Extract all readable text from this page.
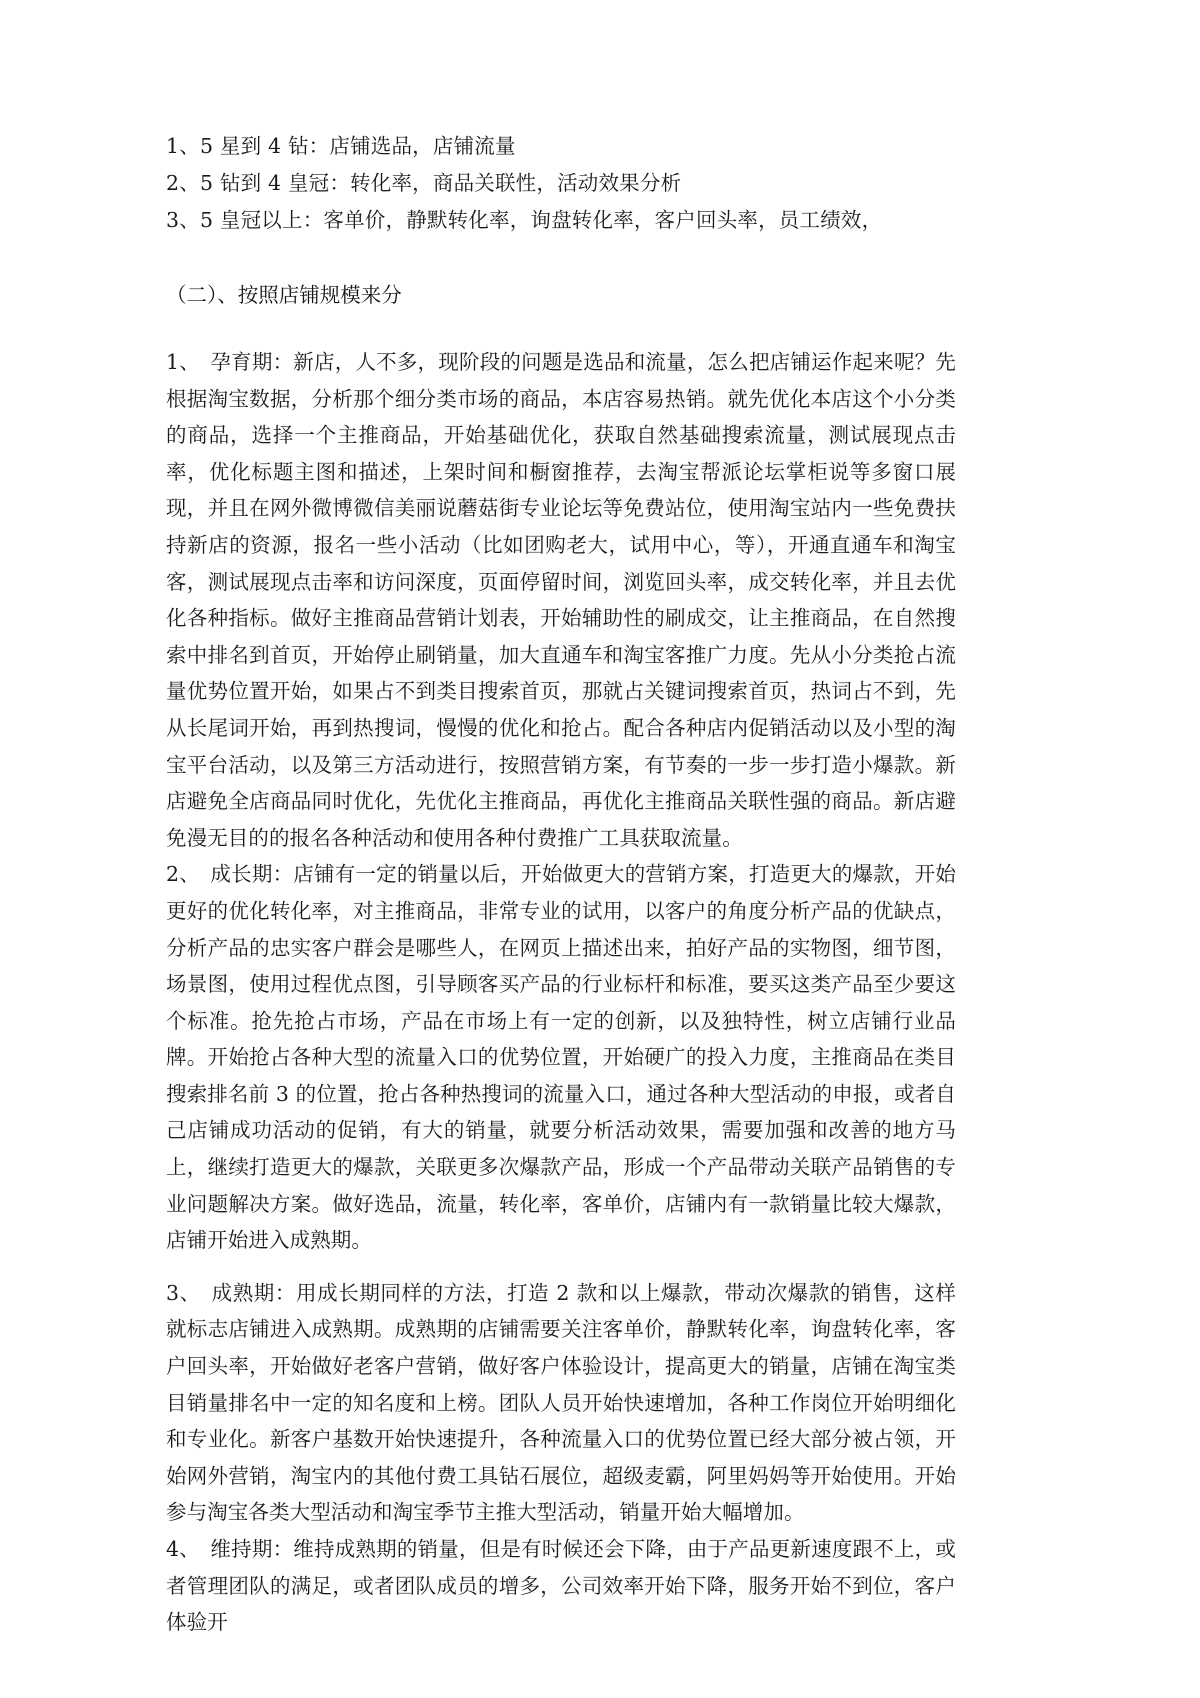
1、5 星到 4 钻：店铺选品，店铺流量
2、5 钻到 4 皇冠：转化率，商品关联性，活动效果分析
3、5 皇冠以上：客单价，静默转化率，询盘转化率，客户回头率，员工绩效，
（二）、按照店铺规模来分

1、　孕育期：新店，人不多，现阶段的问题是选品和流量，怎么把店铺运作起来呢？先根据淘宝数据，分析那个细分类市场的商品，本店容易热销。就先优化本店这个小分类的商品，选择一个主推商品，开始基础优化，获取自然基础搜索流量，测试展现点击率，优化标题主图和描述，上架时间和橱窗推荐，去淘宝帮派论坛掌柜说等多窗口展现，并且在网外微博微信美丽说蘑菇街专业论坛等免费站位，使用淘宝站内一些免费扶持新店的资源，报名一些小活动（比如团购老大，试用中心，等），开通直通车和淘宝客，测试展现点击率和访问深度，页面停留时间，浏览回头率，成交转化率，并且去优化各种指标。做好主推商品营销计划表，开始辅助性的刷成交，让主推商品，在自然搜索中排名到首页，开始停止刷销量，加大直通车和淘宝客推广力度。先从小分类抢占流量优势位置开始，如果占不到类目搜索首页，那就占关键词搜索首页，热词占不到，先从长尾词开始，再到热搜词，慢慢的优化和抢占。配合各种店内促销活动以及小型的淘宝平台活动，以及第三方活动进行，按照营销方案，有节奏的一步一步打造小爆款。新店避免全店商品同时优化，先优化主推商品，再优化主推商品关联性强的商品。新店避免漫无目的的报名各种活动和使用各种付费推广工具获取流量。

2、　成长期：店铺有一定的销量以后，开始做更大的营销方案，打造更大的爆款，开始更好的优化转化率，对主推商品，非常专业的试用，以客户的角度分析产品的优缺点，分析产品的忠实客户群会是哪些人，在网页上描述出来，拍好产品的实物图，细节图，场景图，使用过程优点图，引导顾客买产品的行业标杆和标准，要买这类产品至少要这个标准。抢先抢占市场，产品在市场上有一定的创新，以及独特性，树立店铺行业品牌。开始抢占各种大型的流量入口的优势位置，开始硬广的投入力度，主推商品在类目搜索排名前 3 的位置，抢占各种热搜词的流量入口，通过各种大型活动的申报，或者自己店铺成功活动的促销，有大的销量，就要分析活动效果，需要加强和改善的地方马上，继续打造更大的爆款，关联更多次爆款产品，形成一个产品带动关联产品销售的专业问题解决方案。做好选品，流量，转化率，客单价，店铺内有一款销量比较大爆款，店铺开始进入成熟期。

3、　成熟期：用成长期同样的方法，打造 2 款和以上爆款，带动次爆款的销售，这样就标志店铺进入成熟期。成熟期的店铺需要关注客单价，静默转化率，询盘转化率，客户回头率，开始做好老客户营销，做好客户体验设计，提高更大的销量，店铺在淘宝类目销量排名中一定的知名度和上榜。团队人员开始快速增加，各种工作岗位开始明细化和专业化。新客户基数开始快速提升，各种流量入口的优势位置已经大部分被占领，开始网外营销，淘宝内的其他付费工具钻石展位，超级麦霸，阿里妈妈等开始使用。开始参与淘宝各类大型活动和淘宝季节主推大型活动，销量开始大幅增加。

4、　维持期：维持成熟期的销量，但是有时候还会下降，由于产品更新速度跟不上，或者管理团队的满足，或者团队成员的增多，公司效率开始下降，服务开始不到位，客户体验开
